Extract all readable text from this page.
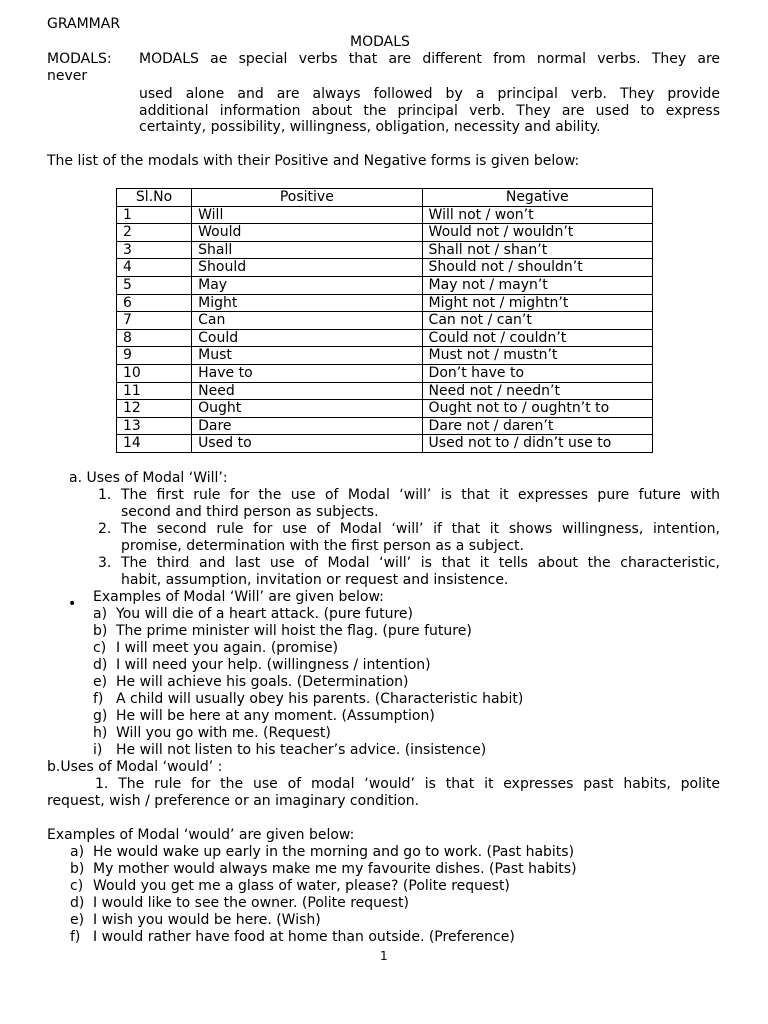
GRAMMAR
MODALS
MODALS: MODALS ae special verbs that are different from normal verbs. They are
never
used alone and are always followed by a principal verb. They provide
additional information about the principal verb. They are used to express
certainty, possibility, willingness, obligation, necessity and ability.
The list of the modals with their Positive and Negative forms is given below:
Sl.No	Positive	Negative
1	Will	Will not / won’t
2	Would	Would not / wouldn’t
3	Shall	Shall not / shan’t
4	Should	Should not / shouldn’t
5	May	May not / mayn’t
6	Might	Might not / mightn’t
7	Can	Can not / can’t
8	Could	Could not / couldn’t
9	Must	Must not / mustn’t
10	Have to	Don’t have to
11	Need	Need not / needn’t
12	Ought	Ought not to / oughtn’t to
13	Dare	Dare not / daren’t
14	Used to	Used not to / didn’t use to
a. Uses of Modal ‘Will’:
1. The first rule for the use of Modal ‘will’ is that it expresses pure future with
second and third person as subjects.
2. The second rule for use of Modal ‘will’ if that it shows willingness, intention,
promise, determination with the first person as a subject.
3. The third and last use of Modal ‘will’ is that it tells about the characteristic,
habit, assumption, invitation or request and insistence.
• Examples of Modal ‘Will’ are given below:
a) You will die of a heart attack. (pure future)
b) The prime minister will hoist the flag. (pure future)
c) I will meet you again. (promise)
d) I will need your help. (willingness / intention)
e) He will achieve his goals. (Determination)
f) A child will usually obey his parents. (Characteristic habit)
g) He will be here at any moment. (Assumption)
h) Will you go with me. (Request)
i) He will not listen to his teacher’s advice. (insistence)
b.Uses of Modal ‘would’ :
1. The rule for the use of modal ‘would’ is that it expresses past habits, polite
request, wish / preference or an imaginary condition.
Examples of Modal ‘would’ are given below:
a) He would wake up early in the morning and go to work. (Past habits)
b) My mother would always make me my favourite dishes. (Past habits)
c) Would you get me a glass of water, please? (Polite request)
d) I would like to see the owner. (Polite request)
e) I wish you would be here. (Wish)
f) I would rather have food at home than outside. (Preference)
1
